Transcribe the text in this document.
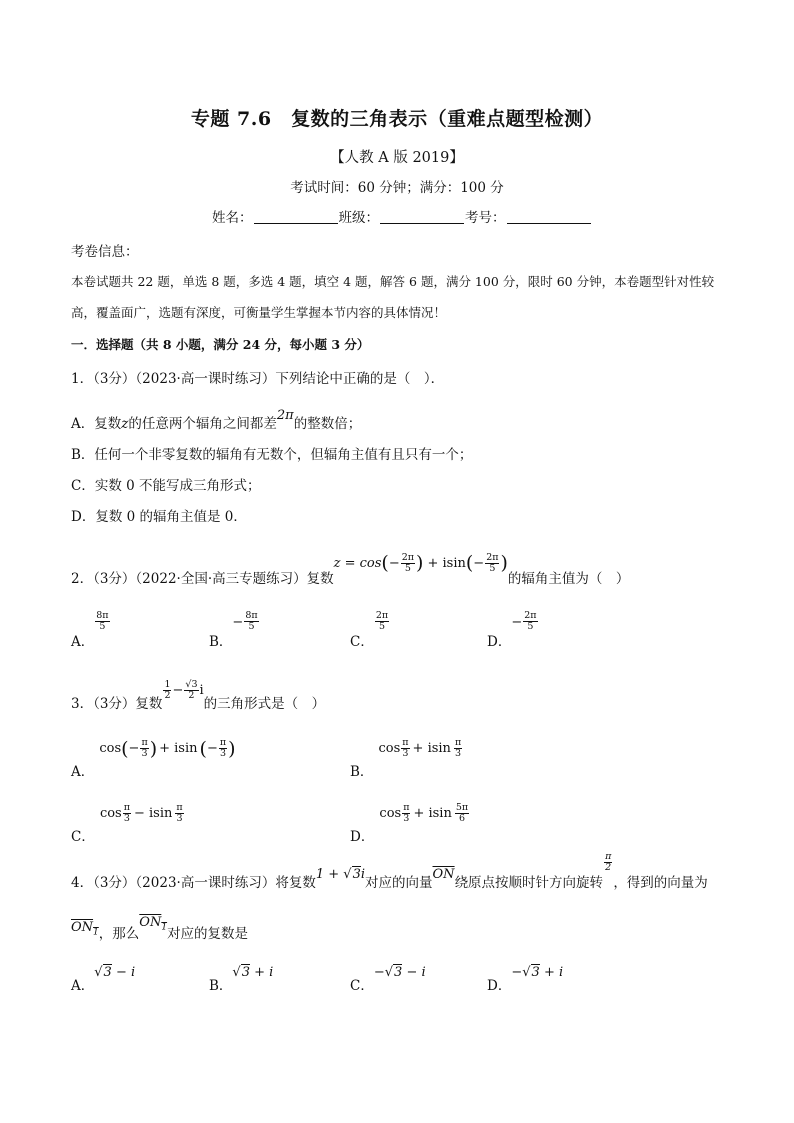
专题 7.6　复数的三角表示（重难点题型检测）
【人教 A 版 2019】
考试时间：60 分钟；满分：100 分
姓名：	班级：	考号：
考卷信息：
本卷试题共 22 题，单选 8 题，多选 4 题，填空 4 题，解答 6 题，满分 100 分，限时 60 分钟，本卷题型针对性较
高，覆盖面广，选题有深度，可衡量学生掌握本节内容的具体情况！
一．选择题（共 8 小题，满分 24 分，每小题 3 分）
1．（3分）（2023·高一课时练习）下列结论中正确的是（　）．
A．复数z的任意两个辐角之间都差2π的整数倍；
B．任何一个非零复数的辐角有无数个，但辐角主值有且只有一个；
C．实数 0 不能写成三角形式；
D．复数 0 的辐角主值是 0．
2．（3分）（2022·全国·高三专题练习）复数
z = cos ( − $\frac{2\pi}{5}$ ) + isin ( − $\frac{2\pi}{5}$ )
的辐角主值为（　）
$_{A.}$
$\frac{8\pi}{5}$
$_{B.}- \frac{8\pi}{5}$
$_{C.}$
$\frac{2\pi}{5}$
$_{D.}- \frac{2\pi}{5}$
3．（3分）复数
$\frac{1}{2} - \frac{√3}{2}$ i
的三角形式是（　）
$_{A.}$
cos ( − $\frac{\pi}{3}$ ) + isin ( − $\frac{\pi}{3}$ )
$_{B.}$
$\cos \frac{\pi}{3} + isin \frac{\pi}{3}$
$_{C.}$
$\cos \frac{\pi}{3} - isin \frac{\pi}{3}$
$_{D.}$
$\cos \frac{\pi}{3} + isin \frac{5\pi}{6}$
4．（3分）（2023·高一课时练习）将复数
1 + √3i
对应的向量
$\overline{ON}$
绕原点按顺时针方向旋转
$\frac{\pi}{2}$
，得到的向量为
$ON_1$ ，那么
$ON_1$ 对应的复数是
$_{A.}$√3 − i
$_{B.}$√3 + i
$_{C.}$−√3 − i
$_{D.}$−√3 + i
